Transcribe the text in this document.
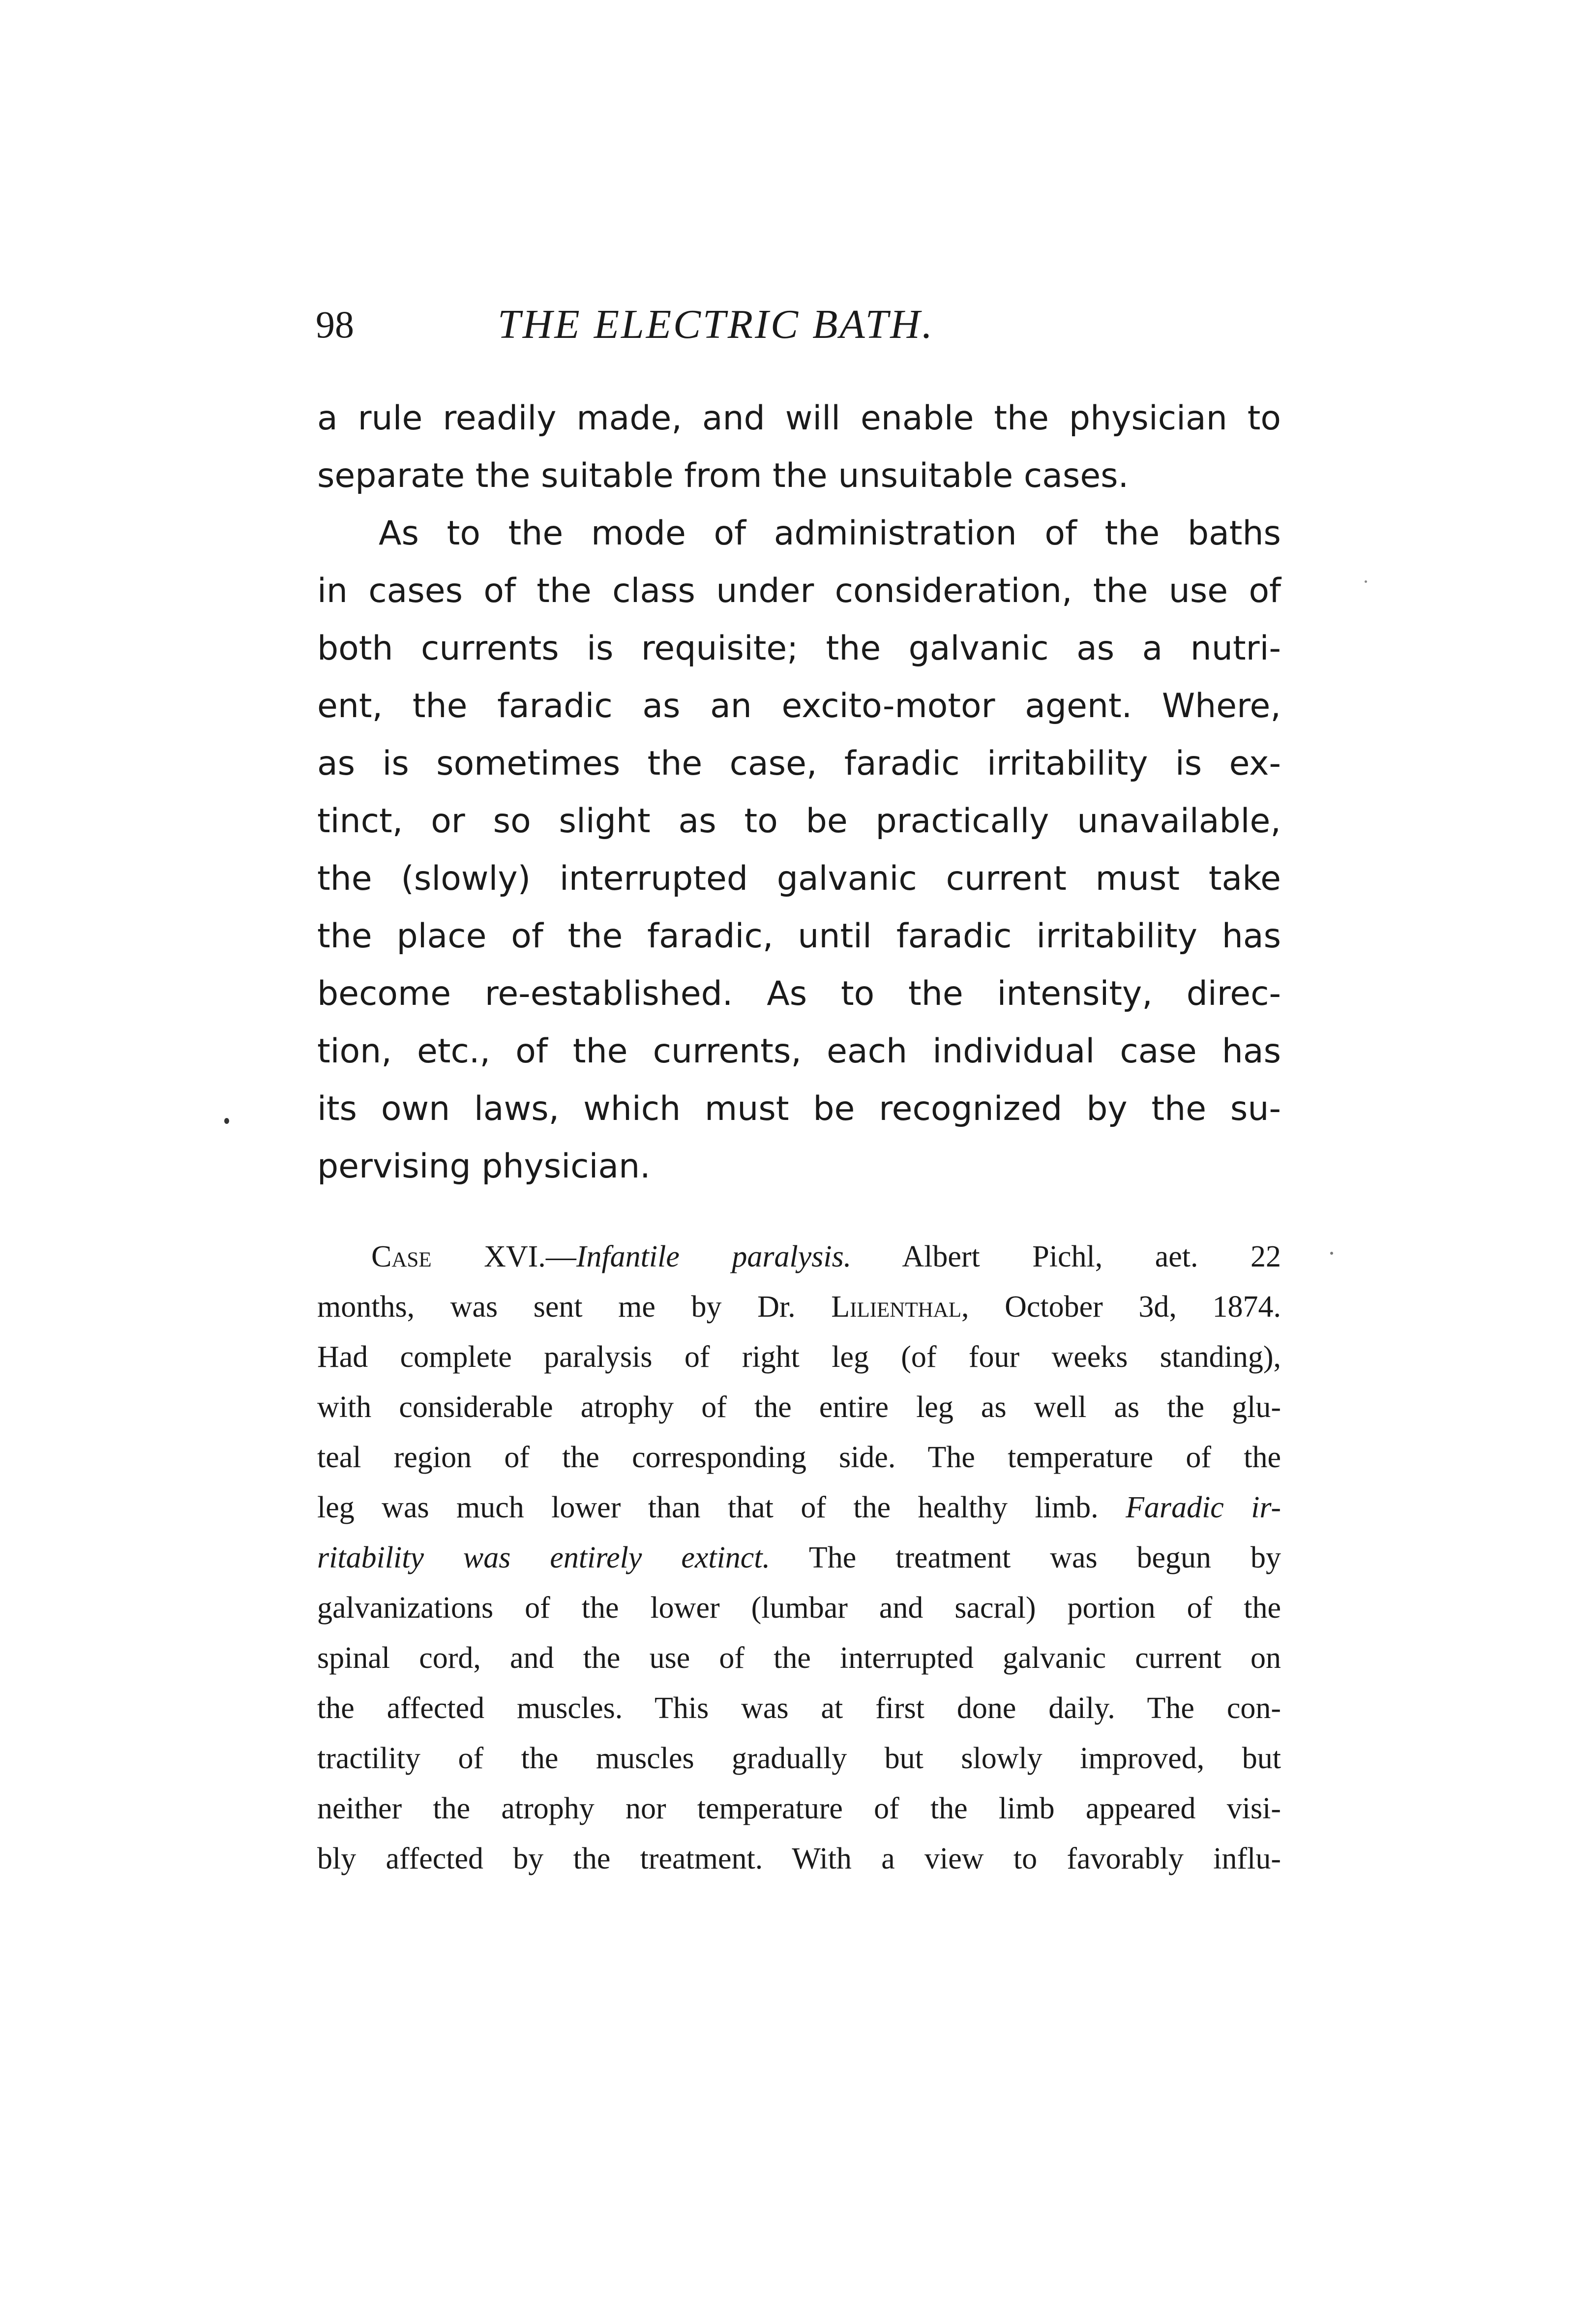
98	THE ELECTRIC BATH.
a rule readily made, and will enable the physician to
separate the suitable from the unsuitable cases.
As to the mode of administration of the baths
in cases of the class under consideration, the use of
both currents is requisite; the galvanic as a nutri-
ent, the faradic as an excito-motor agent. Where,
as is sometimes the case, faradic irritability is ex-
tinct, or so slight as to be practically unavailable,
the (slowly) interrupted galvanic current must take
the place of the faradic, until faradic irritability has
become re-established. As to the intensity, direc-
tion, etc., of the currents, each individual case has
its own laws, which must be recognized by the su-
pervising physician.
Case XVI.—Infantile paralysis. Albert Pichl, aet. 22
months, was sent me by Dr. Lilienthal, October 3d, 1874.
Had complete paralysis of right leg (of four weeks standing),
with considerable atrophy of the entire leg as well as the glu-
teal region of the corresponding side. The temperature of the
leg was much lower than that of the healthy limb. Faradic ir-
ritability was entirely extinct. The treatment was begun by
galvanizations of the lower (lumbar and sacral) portion of the
spinal cord, and the use of the interrupted galvanic current on
the affected muscles. This was at first done daily. The con-
tractility of the muscles gradually but slowly improved, but
neither the atrophy nor temperature of the limb appeared visi-
bly affected by the treatment. With a view to favorably influ-
